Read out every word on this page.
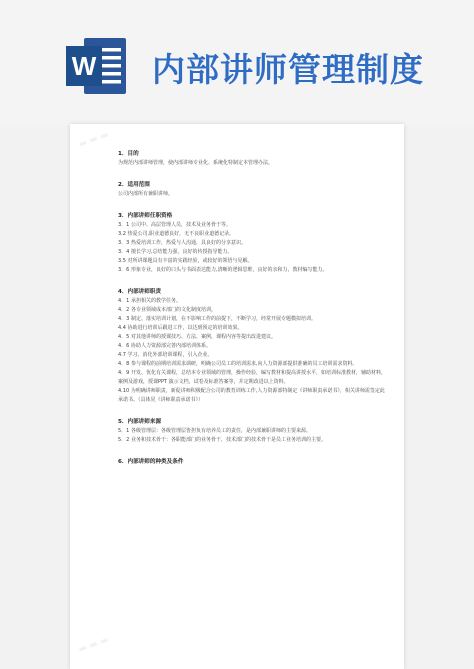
W 内部讲师管理制度
▬ ▬ ▬
▬ ▬ ▬

1．目的

为规范内部讲师管理，使内部讲师专业化、系统化特制定本管理办法。

2．适用范围

公司内部所有兼职讲师。

3．内部讲师任职资格

3．1 公司中、高层管理人员，技术及业务骨干等。

3.2 热爱公司,职业道德良好，无不良职业道德记录。

3．3 热爱培训工作，热爱与人沟通，具良好的分享意识。

3．4 擅长学习,总结能力强，良好的传授指导能力。

3.5 对所讲课题具有丰富的实践经验，或较好的领悟与见解。

3．6 形象专业，良好的口头与书面表达能力,清晰的逻辑思维，良好的亲和力，教材编写能力。

4．内部讲师职责

4．1 承担相关的教学任务。

4．2 各专业领域成本部门的文化制度培训。

4．3 制定、落实培训计划，在不影响工作的前提下，不断学习，经常开展专题模拟培训。

4.4 协助进行培训后跟进工作，以达到预定的培训效果。

4．5 对其他讲师的授课技巧、方法、案例，课程内容等提出改进建议。

4．6 协助人力资源部完善内部培训体系。

4.7 学习、消化外部培训课程，引入企业。

4．8 参与课程的前期培训需求调研，明确公司员工的培训需求,向人力资源部提供准确的员工培训需求资料。

4．9 开发、优化有关课程，总结本专业领域的管理，操作经验，编写教材和提高讲授水平，如培训标准教材，辅助材料，案例及游戏，授课PPT 演示文档，试卷及标准答案等，并定期改进以上资料。

4.10 为明确讲师职责，新促讲师积极配合公司的教育训练工作,人力资源部特制定《讲师职责承诺书》，相关讲师需签定此承诺书。（具体见《讲师职责承诺书》）

5．内部讲师来源

5．1 各级管理层：各级管理层皆担负有培养员工的责任，是内部兼职讲师的主要来源。

5．2 业务和技术骨干：各职能部门的业务骨干，技术部门的技术骨干是员工业务培训的主要。

6．内部讲师的种类及条件
